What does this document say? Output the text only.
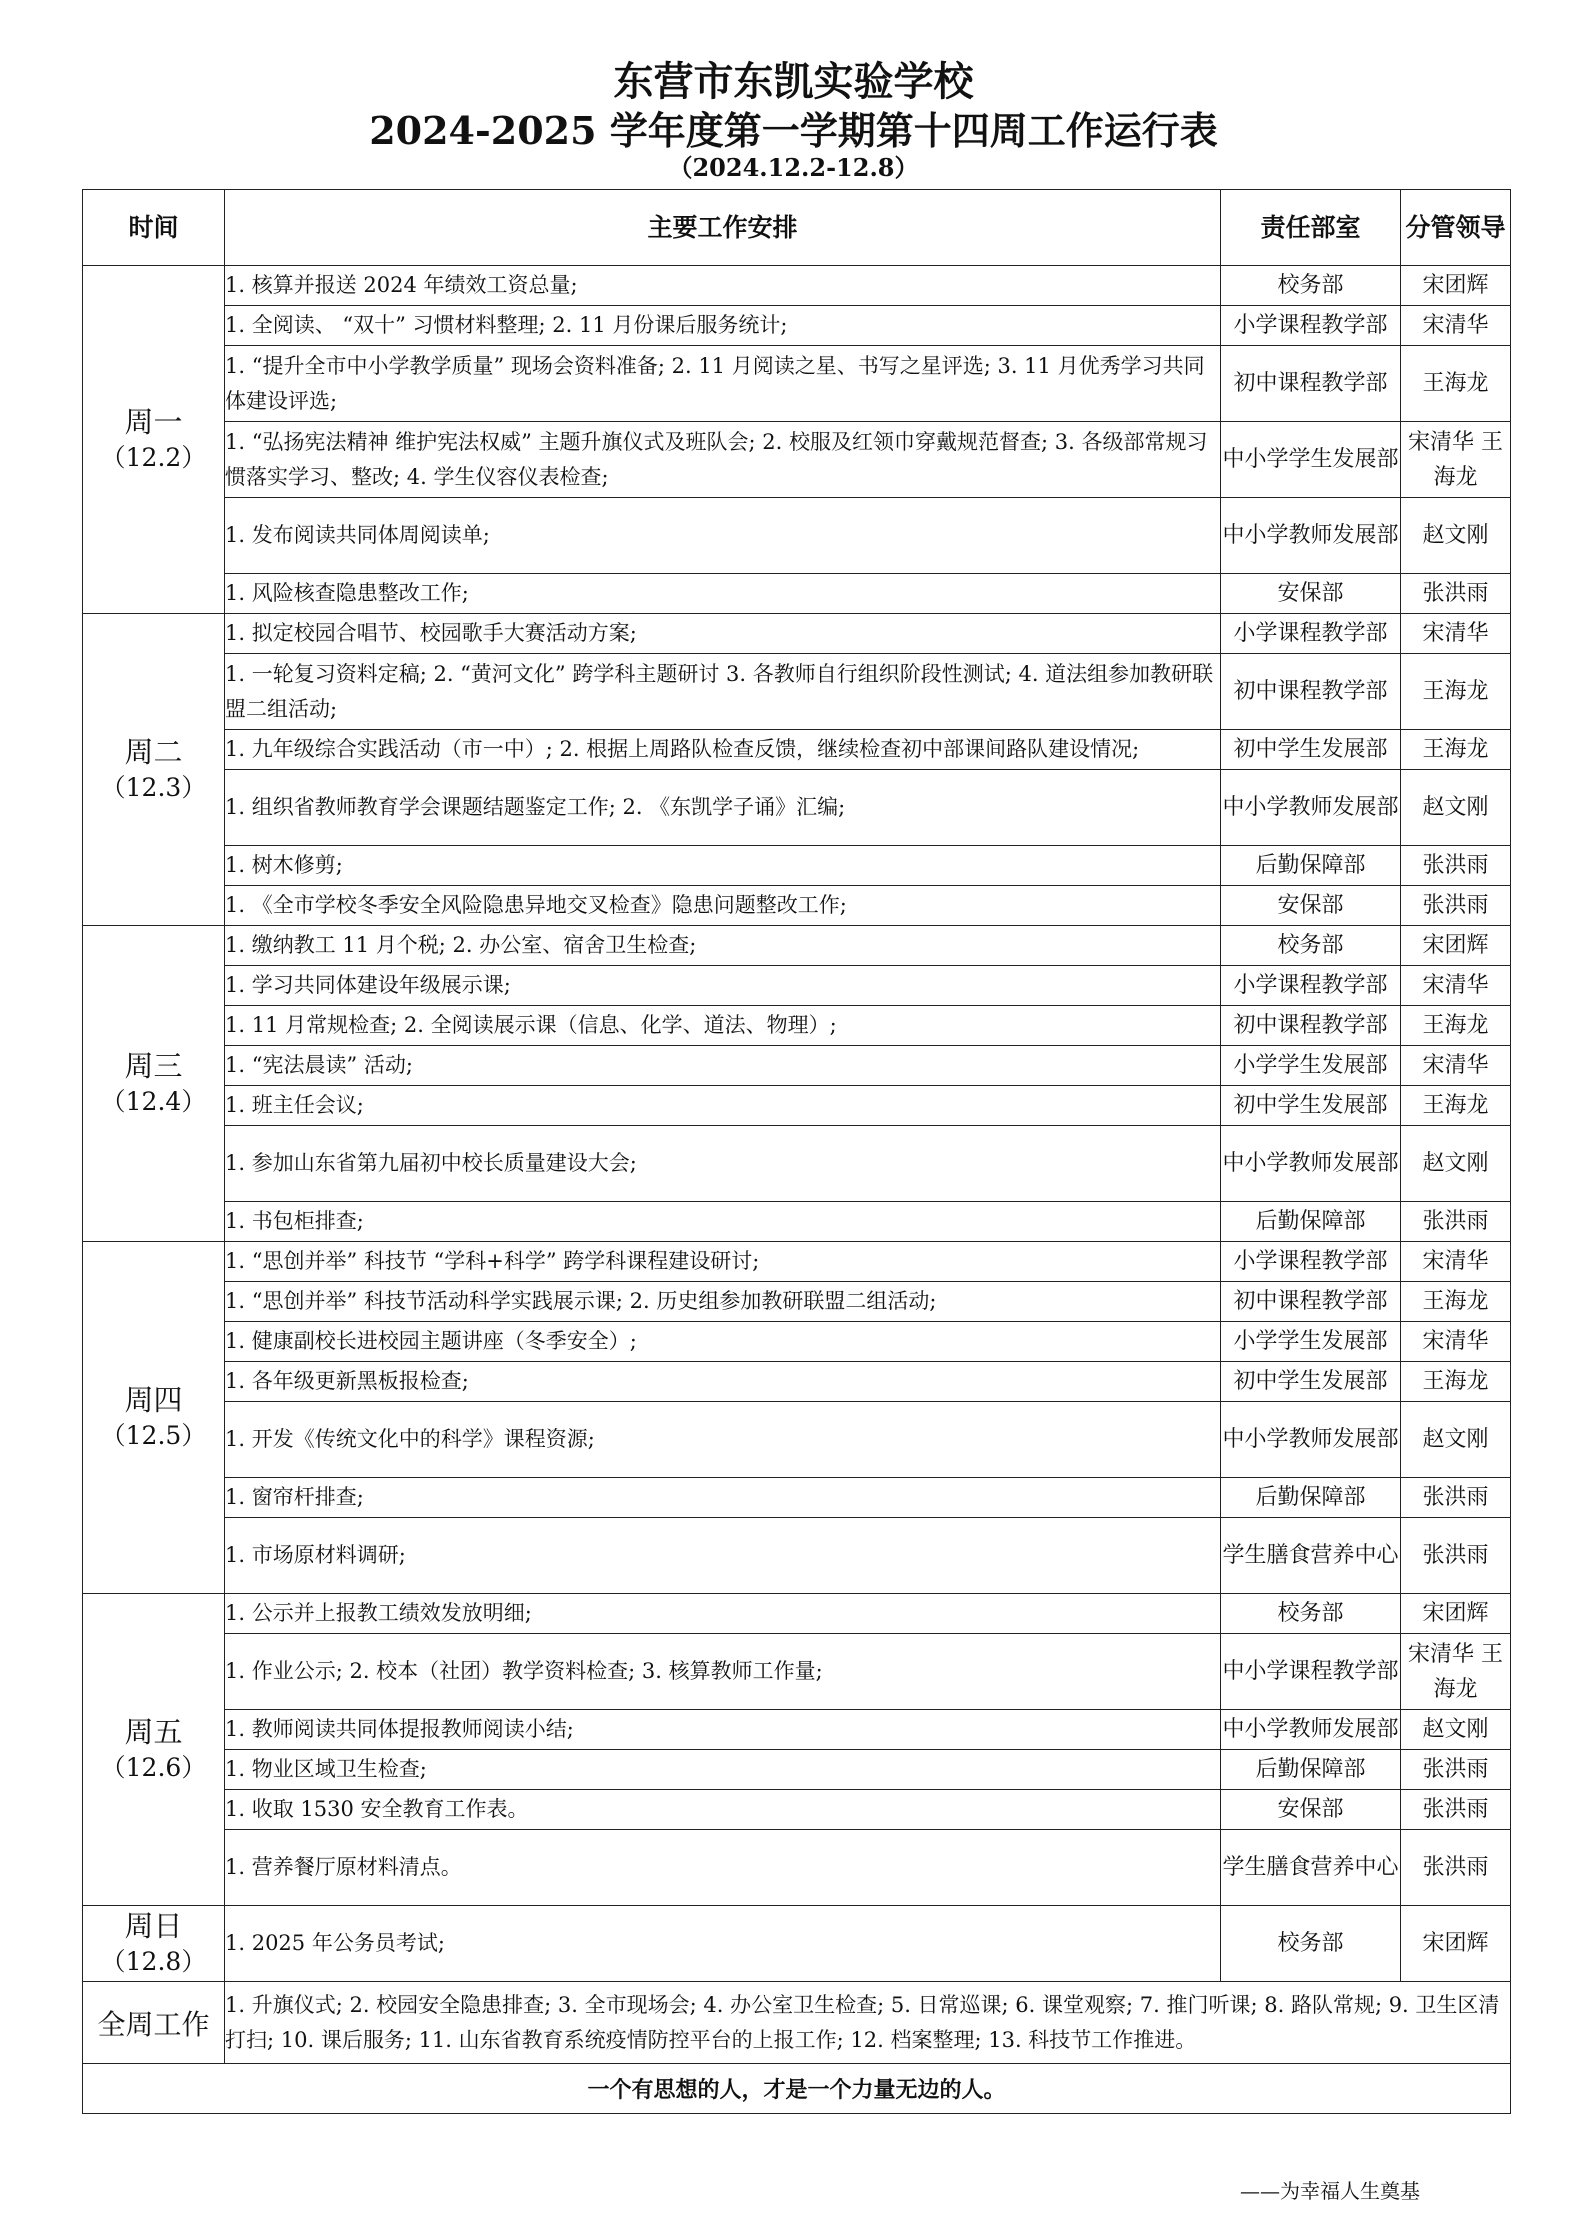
东营市东凯实验学校
2024-2025 学年度第一学期第十四周工作运行表
（2024.12.2-12.8）
时间	主要工作安排	责任部室	分管领导

周一
（12.2）	1. 核算并报送 2024 年绩效工资总量;	校务部	宋团辉
	1. 全阅读、 “双十” 习惯材料整理; 2. 11 月份课后服务统计;	小学课程教学部	宋清华
	1. “提升全市中小学教学质量” 现场会资料准备; 2. 11 月阅读之星、书写之星评选; 3. 11 月优秀学习共同体建设评选;	初中课程教学部	王海龙
	1. “弘扬宪法精神 维护宪法权威” 主题升旗仪式及班队会; 2. 校服及红领巾穿戴规范督查; 3. 各级部常规习惯落实学习、整改; 4. 学生仪容仪表检查;	中小学学生发展部	宋清华 王海龙
	1. 发布阅读共同体周阅读单;	中小学教师发展部	赵文刚
	1. 风险核查隐患整改工作;	安保部	张洪雨

周二
（12.3）	1. 拟定校园合唱节、校园歌手大赛活动方案;	小学课程教学部	宋清华
	1. 一轮复习资料定稿; 2. “黄河文化” 跨学科主题研讨 3. 各教师自行组织阶段性测试; 4. 道法组参加教研联盟二组活动;	初中课程教学部	王海龙
	1. 九年级综合实践活动（市一中）; 2. 根据上周路队检查反馈，继续检查初中部课间路队建设情况;	初中学生发展部	王海龙
	1. 组织省教师教育学会课题结题鉴定工作; 2. 《东凯学子诵》汇编;	中小学教师发展部	赵文刚
	1. 树木修剪;	后勤保障部	张洪雨
	1. 《全市学校冬季安全风险隐患异地交叉检查》隐患问题整改工作;	安保部	张洪雨

周三
（12.4）	1. 缴纳教工 11 月个税; 2. 办公室、宿舍卫生检查;	校务部	宋团辉
	1. 学习共同体建设年级展示课;	小学课程教学部	宋清华
	1. 11 月常规检查; 2. 全阅读展示课（信息、化学、道法、物理）;	初中课程教学部	王海龙
	1. “宪法晨读” 活动;	小学学生发展部	宋清华
	1. 班主任会议;	初中学生发展部	王海龙
	1. 参加山东省第九届初中校长质量建设大会;	中小学教师发展部	赵文刚
	1. 书包柜排查;	后勤保障部	张洪雨

周四
（12.5）	1. “思创并举” 科技节 “学科+科学” 跨学科课程建设研讨;	小学课程教学部	宋清华
	1. “思创并举” 科技节活动科学实践展示课; 2. 历史组参加教研联盟二组活动;	初中课程教学部	王海龙
	1. 健康副校长进校园主题讲座（冬季安全）;	小学学生发展部	宋清华
	1. 各年级更新黑板报检查;	初中学生发展部	王海龙
	1. 开发《传统文化中的科学》课程资源;	中小学教师发展部	赵文刚
	1. 窗帘杆排查;	后勤保障部	张洪雨
	1. 市场原材料调研;	学生膳食营养中心	张洪雨

周五
（12.6）	1. 公示并上报教工绩效发放明细;	校务部	宋团辉
	1. 作业公示; 2. 校本（社团）教学资料检查; 3. 核算教师工作量;	中小学课程教学部	宋清华 王海龙
	1. 教师阅读共同体提报教师阅读小结;	中小学教师发展部	赵文刚
	1. 物业区域卫生检查;	后勤保障部	张洪雨
	1. 收取 1530 安全教育工作表。	安保部	张洪雨
	1. 营养餐厅原材料清点。	学生膳食营养中心	张洪雨

周日
（12.8）	1. 2025 年公务员考试;	校务部	宋团辉
全周工作	1. 升旗仪式; 2. 校园安全隐患排查; 3. 全市现场会; 4. 办公室卫生检查; 5. 日常巡课; 6. 课堂观察; 7. 推门听课; 8. 路队常规; 9. 卫生区清打扫; 10. 课后服务; 11. 山东省教育系统疫情防控平台的上报工作; 12. 档案整理; 13. 科技节工作推进。		
一个有思想的人，才是一个力量无边的人。			
——为幸福人生奠基
